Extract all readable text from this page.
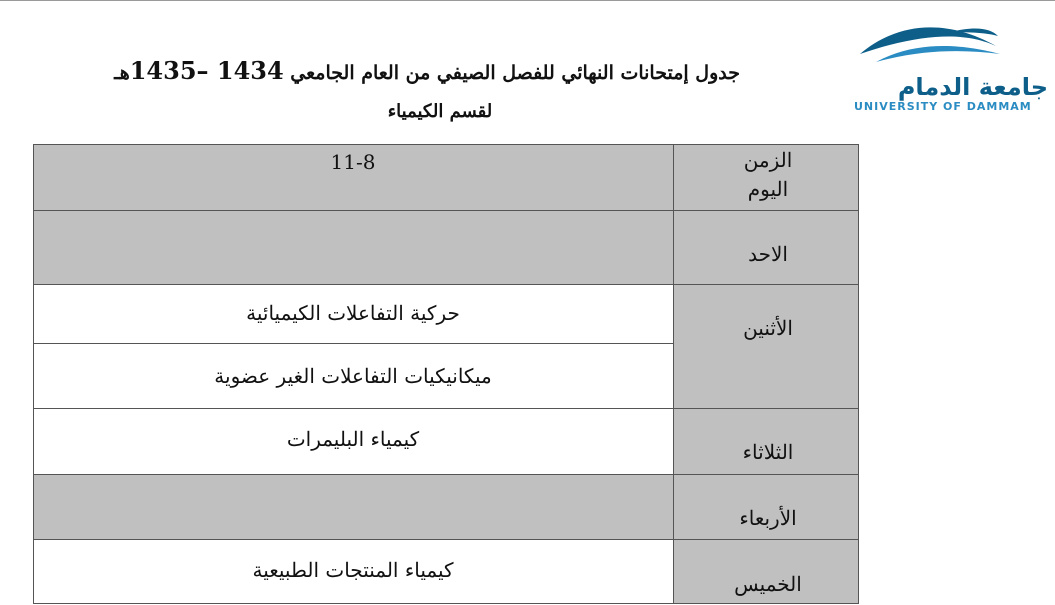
جدول إمتحانات النهائي للفصل الصيفي من العام الجامعي 1434 –1435هـ
لقسم الكيمياء
جامعة الدمام
UNIVERSITY OF DAMMAM
11-8	الزمن
اليوم
الاحد
الأثنين
الثلاثاء
الأربعاء
الخميس
حركية التفاعلات الكيميائية
ميكانيكيات التفاعلات الغير عضوية
كيمياء البليمرات
كيمياء المنتجات الطبيعية
